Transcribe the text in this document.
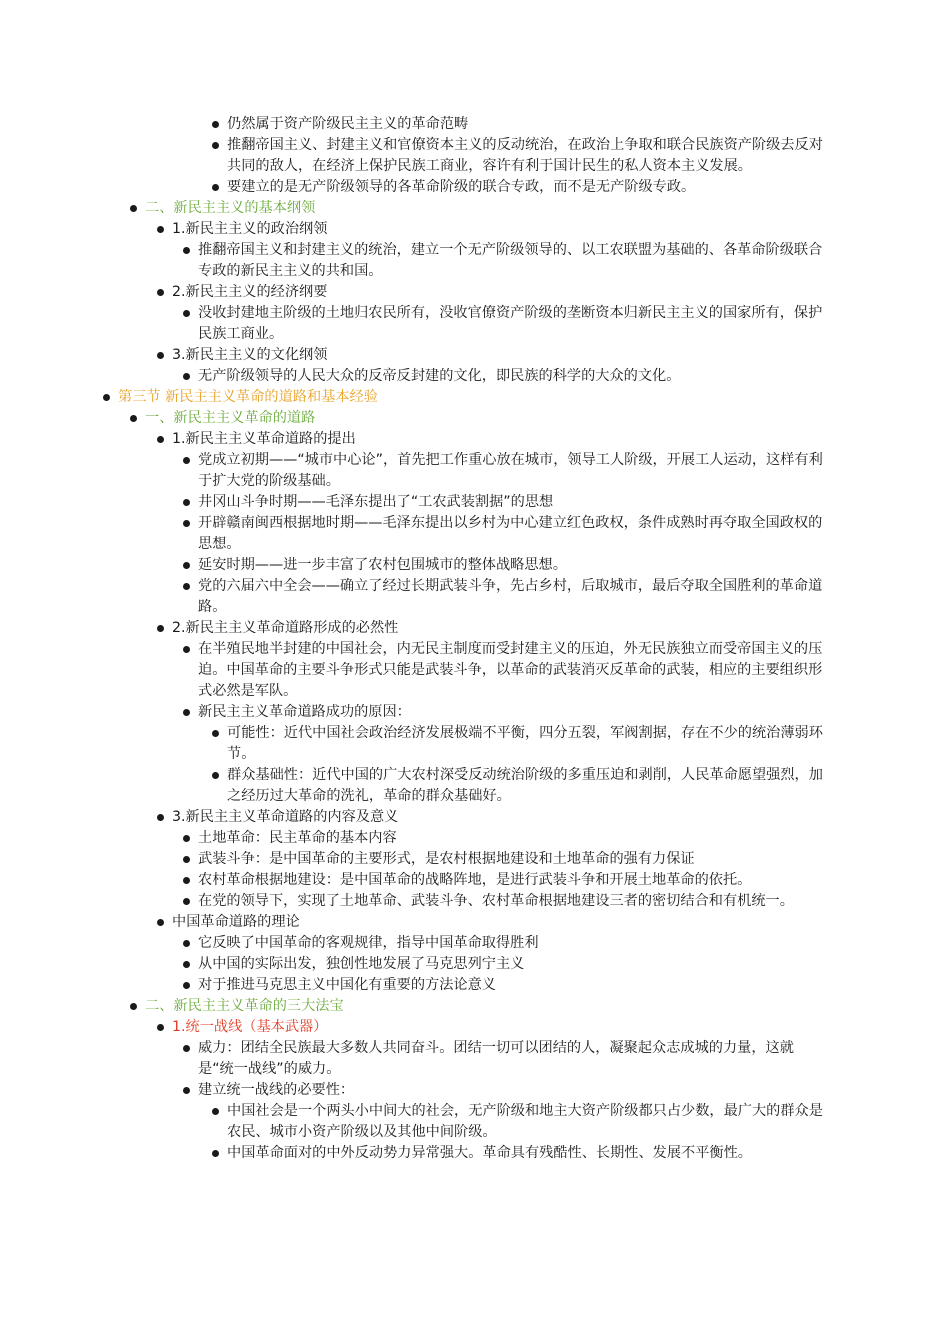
仍然属于资产阶级民主主义的革命范畴
推翻帝国主义、封建主义和官僚资本主义的反动统治，在政治上争取和联合民族资产阶级去反对共同的敌人，在经济上保护民族工商业，容许有利于国计民生的私人资本主义发展。
要建立的是无产阶级领导的各革命阶级的联合专政，而不是无产阶级专政。
二、新民主主义的基本纲领
1.新民主主义的政治纲领
推翻帝国主义和封建主义的统治，建立一个无产阶级领导的、以工农联盟为基础的、各革命阶级联合专政的新民主主义的共和国。
2.新民主主义的经济纲要
没收封建地主阶级的土地归农民所有，没收官僚资产阶级的垄断资本归新民主主义的国家所有，保护民族工商业。
3.新民主主义的文化纲领
无产阶级领导的人民大众的反帝反封建的文化，即民族的科学的大众的文化。
第三节 新民主主义革命的道路和基本经验
一、新民主主义革命的道路
1.新民主主义革命道路的提出
党成立初期——“城市中心论”，首先把工作重心放在城市，领导工人阶级，开展工人运动，这样有利于扩大党的阶级基础。
井冈山斗争时期——毛泽东提出了“工农武装割据”的思想
开辟赣南闽西根据地时期——毛泽东提出以乡村为中心建立红色政权，条件成熟时再夺取全国政权的思想。
延安时期——进一步丰富了农村包围城市的整体战略思想。
党的六届六中全会——确立了经过长期武装斗争，先占乡村，后取城市，最后夺取全国胜利的革命道路。
2.新民主主义革命道路形成的必然性
在半殖民地半封建的中国社会，内无民主制度而受封建主义的压迫，外无民族独立而受帝国主义的压迫。中国革命的主要斗争形式只能是武装斗争，以革命的武装消灭反革命的武装，相应的主要组织形式必然是军队。
新民主主义革命道路成功的原因：
可能性：近代中国社会政治经济发展极端不平衡，四分五裂，军阀割据，存在不少的统治薄弱环节。
群众基础性：近代中国的广大农村深受反动统治阶级的多重压迫和剥削，人民革命愿望强烈，加之经历过大革命的洗礼，革命的群众基础好。
3.新民主主义革命道路的内容及意义
土地革命：民主革命的基本内容
武装斗争：是中国革命的主要形式，是农村根据地建设和土地革命的强有力保证
农村革命根据地建设：是中国革命的战略阵地，是进行武装斗争和开展土地革命的依托。
在党的领导下，实现了土地革命、武装斗争、农村革命根据地建设三者的密切结合和有机统一。
中国革命道路的理论
它反映了中国革命的客观规律，指导中国革命取得胜利
从中国的实际出发，独创性地发展了马克思列宁主义
对于推进马克思主义中国化有重要的方法论意义
二、新民主主义革命的三大法宝
1.统一战线（基本武器）
威力：团结全民族最大多数人共同奋斗。团结一切可以团结的人，凝聚起众志成城的力量，这就是“统一战线”的威力。
建立统一战线的必要性：
中国社会是一个两头小中间大的社会，无产阶级和地主大资产阶级都只占少数，最广大的群众是农民、城市小资产阶级以及其他中间阶级。
中国革命面对的中外反动势力异常强大。革命具有残酷性、长期性、发展不平衡性。
